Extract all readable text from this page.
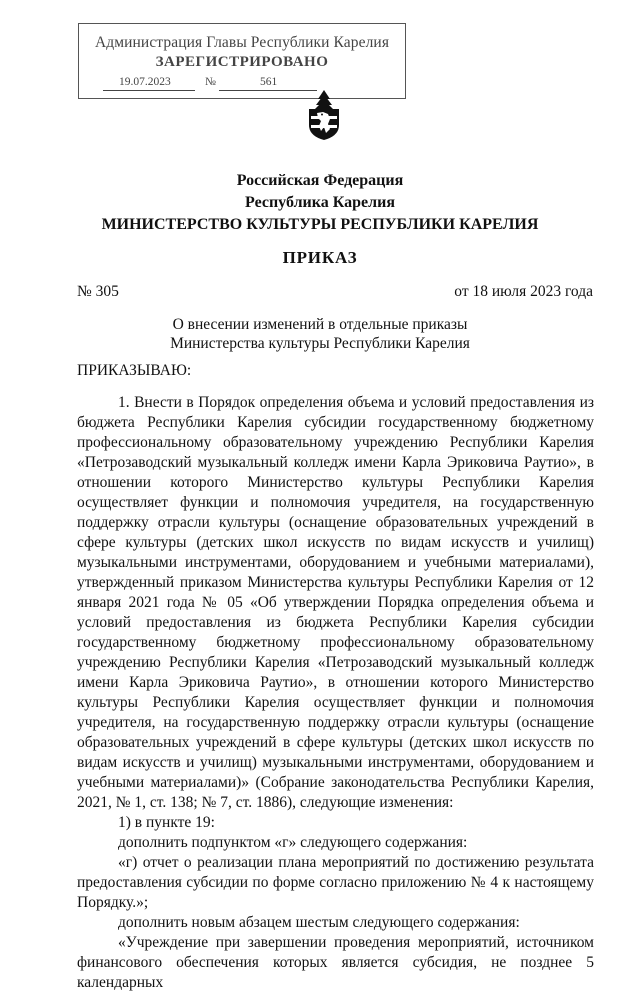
Администрация Главы Республики Карелия
ЗАРЕГИСТРИРОВАНО
19.07.2023	№	561
Российская Федерация
Республика Карелия
МИНИСТЕРСТВО КУЛЬТУРЫ РЕСПУБЛИКИ КАРЕЛИЯ
ПРИКАЗ
№ 305	от 18 июля 2023 года
О внесении изменений в отдельные приказы
Министерства культуры Республики Карелия
ПРИКАЗЫВАЮ:

1. Внести в Порядок определения объема и условий предоставления из бюджета Республики Карелия субсидии государственному бюджетному профессиональному образовательному учреждению Республики Карелия «Петрозаводский музыкальный колледж имени Карла Эриковича Раутио», в отношении которого Министерство культуры Республики Карелия осуществляет функции и полномочия учредителя, на государственную поддержку отрасли культуры (оснащение образовательных учреждений в сфере культуры (детских школ искусств по видам искусств и училищ) музыкальными инструментами, оборудованием и учебными материалами), утвержденный приказом Министерства культуры Республики Карелия от 12 января 2021 года № 05 «Об утверждении Порядка определения объема и условий предоставления из бюджета Республики Карелия субсидии государственному бюджетному профессиональному образовательному учреждению Республики Карелия «Петрозаводский музыкальный колледж имени Карла Эриковича Раутио», в отношении которого Министерство культуры Республики Карелия осуществляет функции и полномочия учредителя, на государственную поддержку отрасли культуры (оснащение образовательных учреждений в сфере культуры (детских школ искусств по видам искусств и училищ) музыкальными инструментами, оборудованием и учебными материалами)» (Собрание законодательства Республики Карелия, 2021, № 1, ст. 138; № 7, ст. 1886), следующие изменения:

1) в пункте 19:

дополнить подпунктом «г» следующего содержания:

«г) отчет о реализации плана мероприятий по достижению результата предоставления субсидии по форме согласно приложению № 4 к настоящему Порядку.»;

дополнить новым абзацем шестым следующего содержания:

«Учреждение при завершении проведения мероприятий, источником финансового обеспечения которых является субсидия, не позднее 5 календарных
